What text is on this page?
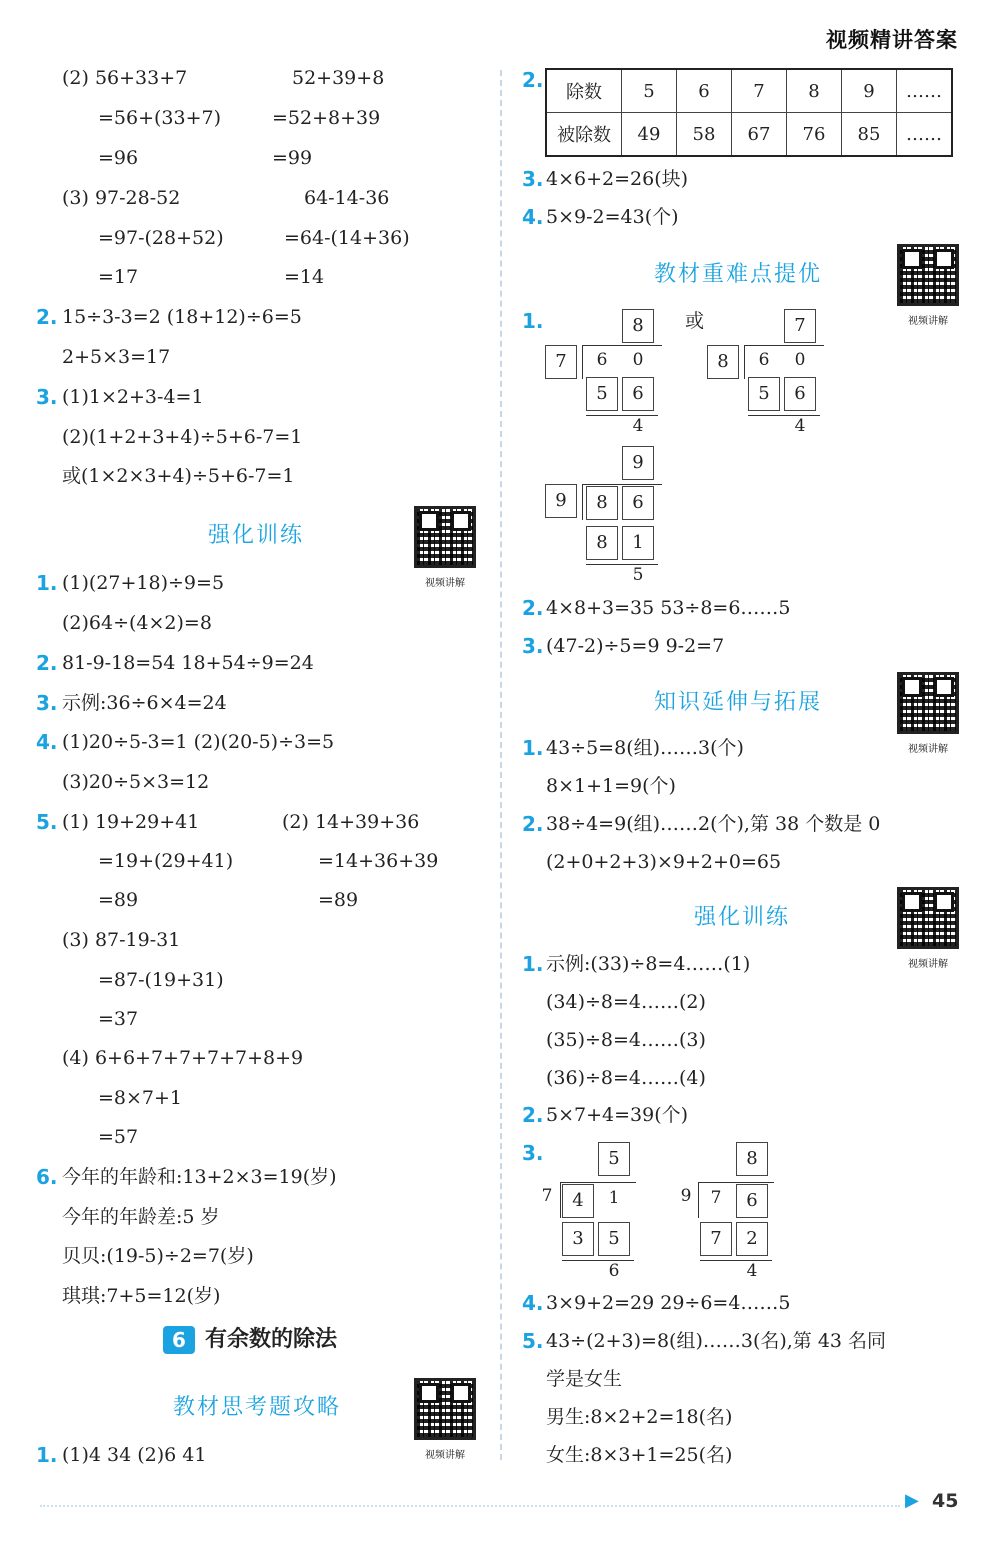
视频精讲答案
(2) 56+33+7	52+39+8
=56+(33+7)	=52+8+39
=96	=99
(3) 97-28-52	64-14-36
=97-(28+52)	=64-(14+36)
=17	=14
2. 15÷3-3=2 (18+12)÷6=5
2+5×3=17
3. (1)1×2+3-4=1
(2)(1+2+3+4)÷5+6-7=1
或(1×2×3+4)÷5+6-7=1
强化训练
视频讲解
1. (1)(27+18)÷9=5
(2)64÷(4×2)=8
2. 81-9-18=54 18+54÷9=24
3. 示例:36÷6×4=24
4. (1)20÷5-3=1 (2)(20-5)÷3=5
(3)20÷5×3=12
5. (1) 19+29+41	(2) 14+39+36
=19+(29+41)	=14+36+39
=89	=89
(3) 87-19-31
=87-(19+31)
=37
(4) 6+6+7+7+7+7+8+9
=8×7+1
=57
6. 今年的年龄和:13+2×3=19(岁)
今年的年龄差:5 岁
贝贝:(19-5)÷2=7(岁)
琪琪:7+5=12(岁)
6 有余数的除法
教材思考题攻略
视频讲解
1. (1)4 34 (2)6 41
2.
除数	5	6	7	8	9	……
被除数	49	58	67	76	85	……
3. 4×6+2=26(块)
4. 5×9-2=43(个)
教材重难点提优
视频讲解
1.	8
7	6	0
5	6
4
或	7
8	6	0
5	6
4
9
9	8	6
8	1
5
2. 4×8+3=35 53÷8=6……5
3. (47-2)÷5=9 9-2=7
知识延伸与拓展
视频讲解
1. 43÷5=8(组)……3(个)
8×1+1=9(个)
2. 38÷4=9(组)……2(个),第 38 个数是 0
(2+0+2+3)×9+2+0=65
强化训练
视频讲解
1. 示例:(33)÷8=4……(1)
(34)÷8=4……(2)
(35)÷8=4……(3)
(36)÷8=4……(4)
2. 5×7+4=39(个)
3.	5
7	4	1
3	5
6
8
9	7	6
7	2
4
4. 3×9+2=29 29÷6=4……5
5. 43÷(2+3)=8(组)……3(名),第 43 名同
学是女生
男生:8×2+2=18(名)
女生:8×3+1=25(名)
▶ 45
